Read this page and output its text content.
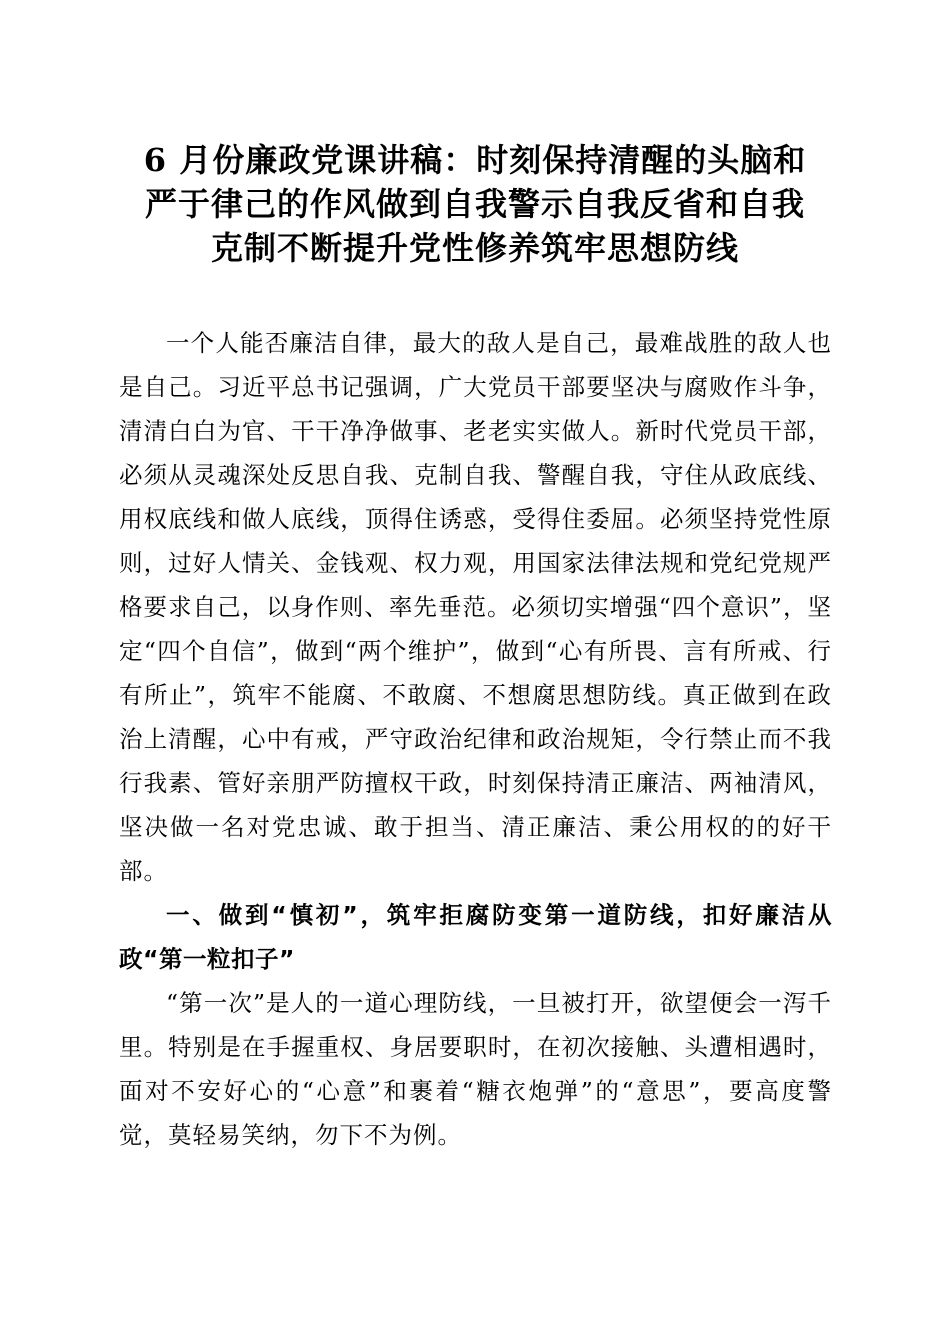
6 月份廉政党课讲稿：时刻保持清醒的头脑和
严于律己的作风做到自我警示自我反省和自我
克制不断提升党性修养筑牢思想防线

一个人能否廉洁自律，最大的敌人是自己，最难战胜的敌人也是自己。习近平总书记强调，广大党员干部要坚决与腐败作斗争，清清白白为官、干干净净做事、老老实实做人。新时代党员干部，必须从灵魂深处反思自我、克制自我、警醒自我，守住从政底线、用权底线和做人底线，顶得住诱惑，受得住委屈。必须坚持党性原则，过好人情关、金钱观、权力观，用国家法律法规和党纪党规严格要求自己，以身作则、率先垂范。必须切实增强“四个意识”，坚定“四个自信”，做到“两个维护”，做到“心有所畏、言有所戒、行有所止”，筑牢不能腐、不敢腐、不想腐思想防线。真正做到在政治上清醒，心中有戒，严守政治纪律和政治规矩，令行禁止而不我行我素、管好亲朋严防擅权干政，时刻保持清正廉洁、两袖清风，坚决做一名对党忠诚、敢于担当、清正廉洁、秉公用权的的好干部。

一、做到“慎初”，筑牢拒腐防变第一道防线，扣好廉洁从政“第一粒扣子”

“第一次”是人的一道心理防线，一旦被打开，欲望便会一泻千里。特别是在手握重权、身居要职时，在初次接触、头遭相遇时，面对不安好心的“心意”和裹着“糖衣炮弹”的“意思”，要高度警觉，莫轻易笑纳，勿下不为例。
